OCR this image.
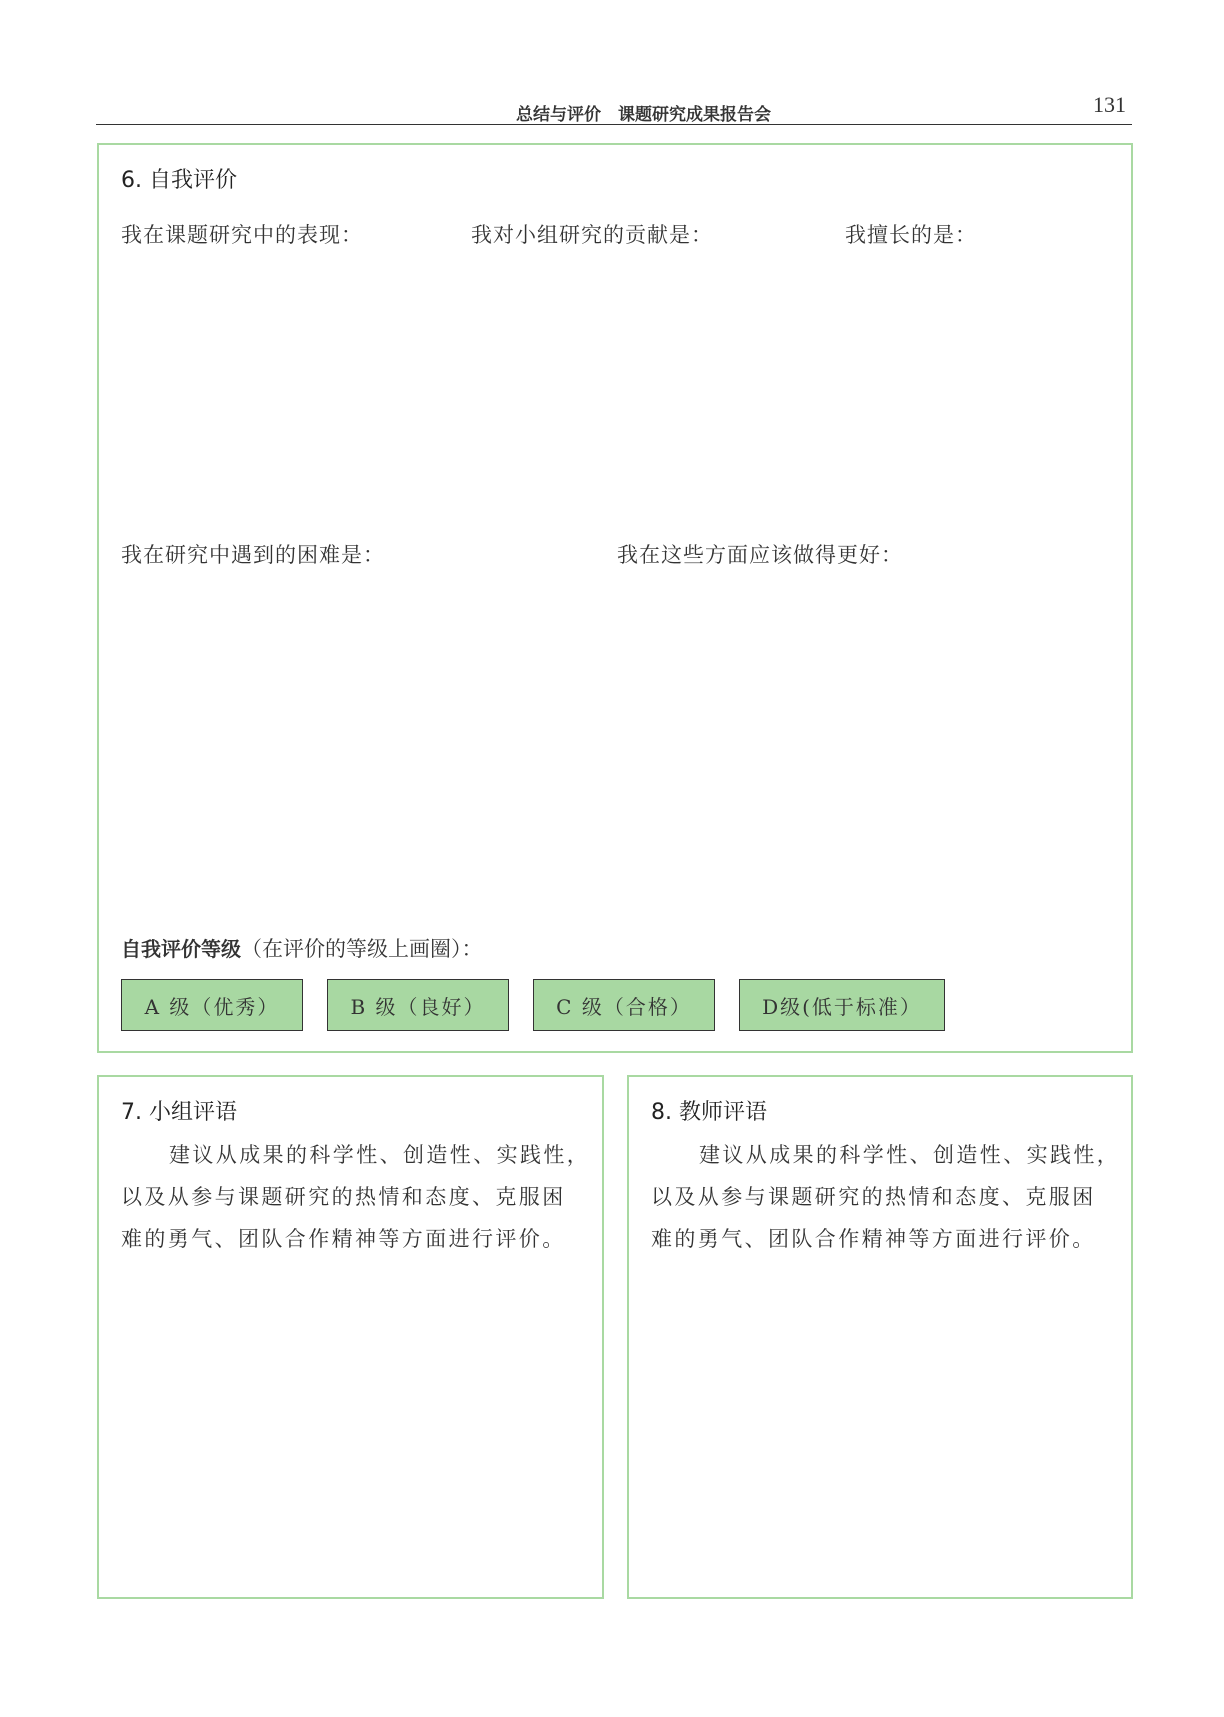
总结与评价　课题研究成果报告会	131
6. 自我评价
我在课题研究中的表现：	我对小组研究的贡献是：	我擅长的是：
我在研究中遇到的困难是：	我在这些方面应该做得更好：
自我评价等级（在评价的等级上画圈）：
A 级（优秀）	B 级（良好）	C 级（合格）	D级(低于标准）
7. 小组评语
建议从成果的科学性、创造性、实践性，
以及从参与课题研究的热情和态度、克服困
难的勇气、团队合作精神等方面进行评价。
8. 教师评语
建议从成果的科学性、创造性、实践性，
以及从参与课题研究的热情和态度、克服困
难的勇气、团队合作精神等方面进行评价。
